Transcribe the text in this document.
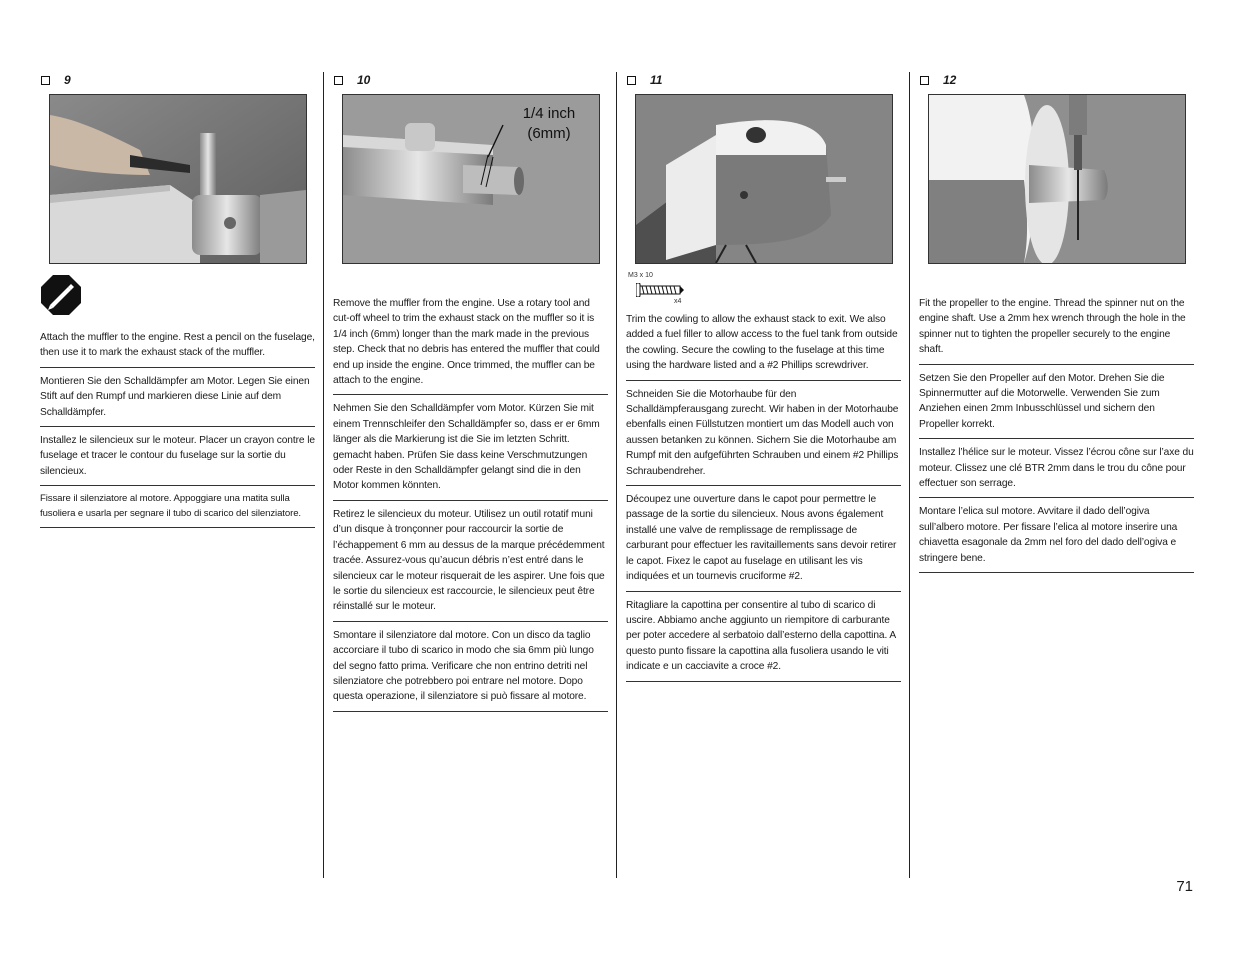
9

Attach the muffler to the engine. Rest a pencil on the fuselage, then use it to mark the exhaust stack of the muffler.

Montieren Sie den Schalldämpfer am Motor. Legen Sie einen Stift auf den Rumpf und markieren diese Linie auf dem Schalldämpfer.

Installez le silencieux sur le moteur. Placer un crayon contre le fuselage et tracer le contour du fuselage sur la sortie du silencieux.

Fissare il silenziatore al motore. Appoggiare una matita sulla fusoliera e usarla per segnare il tubo di scarico del silenziatore.

10
1/4 inch
(6mm)

Remove the muffler from the engine. Use a rotary tool and cut-off wheel to trim the exhaust stack on the muffler so it is 1/4 inch (6mm) longer than the mark made in the previous step. Check that no debris has entered the muffler that could end up inside the engine. Once trimmed, the muffler can be attach to the engine.

Nehmen Sie den Schalldämpfer vom Motor. Kürzen Sie mit einem Trennschleifer den Schalldämpfer so, dass er er 6mm länger als die Markierung ist die Sie im letzten Schritt. gemacht haben. Prüfen Sie dass keine Verschmutzungen oder Reste in den Schalldämpfer gelangt sind die in den Motor kommen könnten.

Retirez le silencieux du moteur. Utilisez un outil rotatif muni d’un disque à tronçonner pour raccourcir la sortie de l’échappement 6 mm au dessus de la marque précédemment tracée. Assurez-vous qu’aucun débris n’est entré dans le silencieux car le moteur risquerait de les aspirer. Une fois que le sortie du silencieux est raccourcie, le silencieux peut être réinstallé sur le moteur.

Smontare il silenziatore dal motore. Con un disco da taglio accorciare il tubo di scarico in modo che sia 6mm più lungo del segno fatto prima. Verificare che non entrino detriti nel silenziatore che potrebbero poi entrare nel motore. Dopo questa operazione, il silenziatore si può fissare al motore.

11
M3 x 10
x4

Trim the cowling to allow the exhaust stack to exit. We also added a fuel filler to allow access to the fuel tank from outside the cowling. Secure the cowling to the fuselage at this time using the hardware listed and a #2 Phillips screwdriver.

Schneiden Sie die Motorhaube für den Schalldämpferausgang zurecht. Wir haben in der Motorhaube ebenfalls einen Füllstutzen montiert um das Modell auch von aussen betanken zu können. Sichern Sie die Motorhaube am Rumpf mit den aufgeführten Schrauben und einem #2 Phillips Schraubendreher.

Découpez une ouverture dans le capot pour permettre le passage de la sortie du silencieux. Nous avons également installé une valve de remplissage de remplissage de carburant pour effectuer les ravitaillements sans devoir retirer le capot. Fixez le capot au fuselage en utilisant les vis indiquées et un tournevis cruciforme #2.

Ritagliare la capottina per consentire al tubo di scarico di uscire. Abbiamo anche aggiunto un riempitore di carburante per poter accedere al serbatoio dall’esterno della capottina. A questo punto fissare la capottina alla fusoliera usando le viti indicate e un cacciavite a croce #2.

12

Fit the propeller to the engine. Thread the spinner nut on the engine shaft. Use a 2mm hex wrench through the hole in the spinner nut to tighten the propeller securely to the engine shaft.

Setzen Sie den Propeller auf den Motor. Drehen Sie die Spinnermutter auf die Motorwelle. Verwenden Sie zum Anziehen einen 2mm Inbusschlüssel und sichern den Propeller korrekt.

Installez l’hélice sur le moteur. Vissez l’écrou cône sur l’axe du moteur. Clissez une clé BTR 2mm dans le trou du cône pour effectuer son serrage.

Montare l’elica sul motore. Avvitare il dado dell’ogiva sull’albero motore. Per fissare l’elica al motore inserire una chiavetta esagonale da 2mm nel foro del dado dell’ogiva e stringere bene.

71
